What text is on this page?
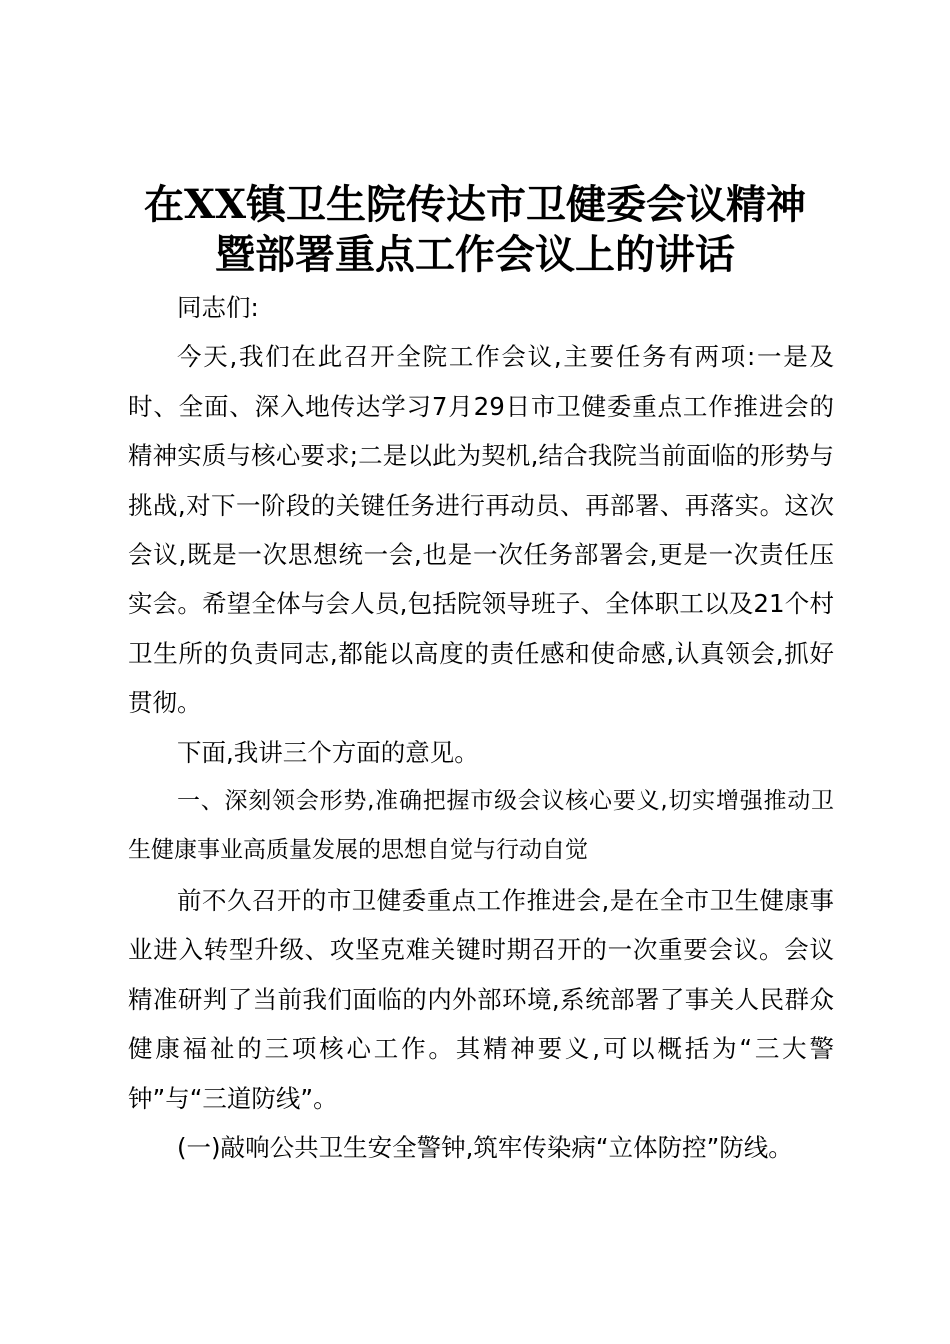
在XX镇卫生院传达市卫健委会议精神
暨部署重点工作会议上的讲话

同志们:

今天,我们在此召开全院工作会议,主要任务有两项:一是及时、全面、深入地传达学习7月29日市卫健委重点工作推进会的精神实质与核心要求;二是以此为契机,结合我院当前面临的形势与挑战,对下一阶段的关键任务进行再动员、再部署、再落实。这次会议,既是一次思想统一会,也是一次任务部署会,更是一次责任压实会。希望全体与会人员,包括院领导班子、全体职工以及21个村卫生所的负责同志,都能以高度的责任感和使命感,认真领会,抓好贯彻。

下面,我讲三个方面的意见。

一、深刻领会形势,准确把握市级会议核心要义,切实增强推动卫生健康事业高质量发展的思想自觉与行动自觉

前不久召开的市卫健委重点工作推进会,是在全市卫生健康事业进入转型升级、攻坚克难关键时期召开的一次重要会议。会议精准研判了当前我们面临的内外部环境,系统部署了事关人民群众健康福祉的三项核心工作。其精神要义,可以概括为“三大警钟”与“三道防线”。

(一)敲响公共卫生安全警钟,筑牢传染病“立体防控”防线。
